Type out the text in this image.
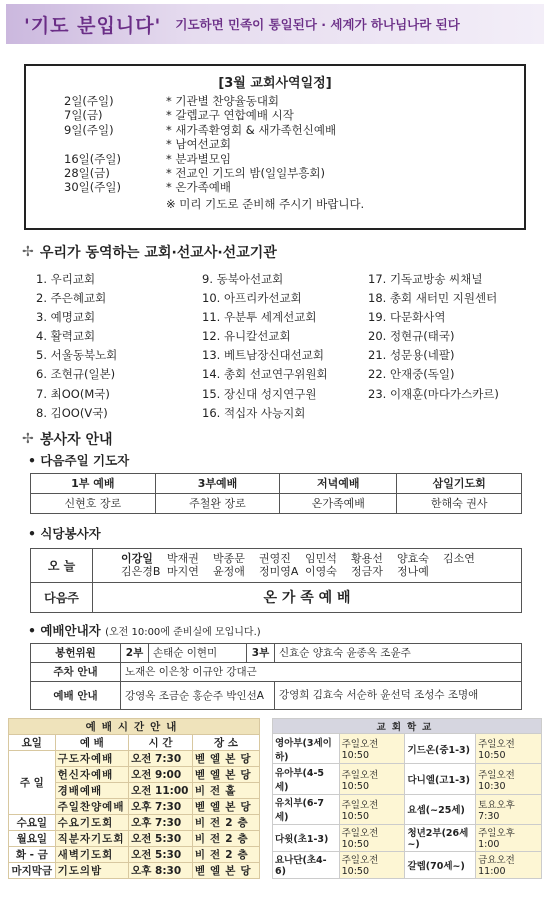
'기도 분입니다' 기도하면 민족이 통일된다 · 세계가 하나님나라 된다
[3월 교회사역일정]
2일(주일)	* 기관별 찬양율동대회
7일(금)	* 갈렙교구 연합예배 시작
9일(주일)	* 새가족환영회 & 새가족헌신예배
* 남여선교회
16일(주일)	* 분과별모임
28일(금)	* 전교인 기도의 밤(일일부흥회)
30일(주일)	* 온가족예배
※ 미리 기도로 준비해 주시기 바랍니다.
✢ 우리가 동역하는 교회·선교사·선교기관
1. 우리교회
2. 주은혜교회
3. 예명교회
4. 활력교회
5. 서울동북노회
6. 조현규(일본)
7. 최OO(M국)
8. 김OO(V국)
9. 동북아선교회
10. 아프리카선교회
11. 우분투 세계선교회
12. 유니칼선교회
13. 베트남장신대선교회
14. 총회 선교연구위원회
15. 장신대 성지연구원
16. 적십자 사능지회
17. 기독교방송 씨채널
18. 총회 새터민 지원센터
19. 다문화사역
20. 정현규(태국)
21. 성문용(네팔)
22. 안재중(독일)
23. 이재훈(마다가스카르)
✢ 봉사자 안내
• 다음주일 기도자
1부 예배	3부예배	저녁예배	삼일기도회
신현호 장로	주철완 장로	온가족예배	한해숙 권사
• 식당봉사자
오 늘	이강일 박재권 박종문 권영진 임민석 황용선 양효숙 김소연
김은경B 마지연 윤정애 정미영A 이영숙 정금자 정나예

다음주	온 가 족 예 배
• 예배안내자 (오전 10:00에 준비실에 모입니다.)
봉헌위원	2부	손태순 이현미	3부	신효순 양효숙 윤종옥 조윤주
주차 안내	노재은 이은창 이규안 강대근			
예배 안내	강영옥 조금순 홍순주 박인선A			강영희 김효숙 서순하 윤선덕 조성수 조명애
예배시간안내			
요일	예 배	시 간	장 소
주 일	구도자예배	오전 7:30	벧엘본당
	헌신자예배	오전 9:00	벧엘본당
	경배예배	오전 11:00	비전홀
	주일찬양예배	오후 7:30	벧엘본당
수요일	수요기도회	오후 7:30	비전2층
월요일	직분자기도회	오전 5:30	비전2층
화 - 금	새벽기도회	오전 5:30	비전2층
마지막금	기도의밤	오후 8:30	벧엘본당
교회학교			
영아부(3세이하)	주일오전 10:50	기드온(중1-3)	주일오전 10:50
유아부(4-5세)	주일오전 10:50	다니엘(고1-3)	주일오전 10:30
유치부(6-7세)	주일오전 10:50	요셉(~25세)	토요오후 7:30
다윗(초1-3)	주일오전 10:50	청년2부(26세~)	주일오후 1:00
요나단(초4-6)	주일오전 10:50	갈렙(70세~)	금요오전 11:00
